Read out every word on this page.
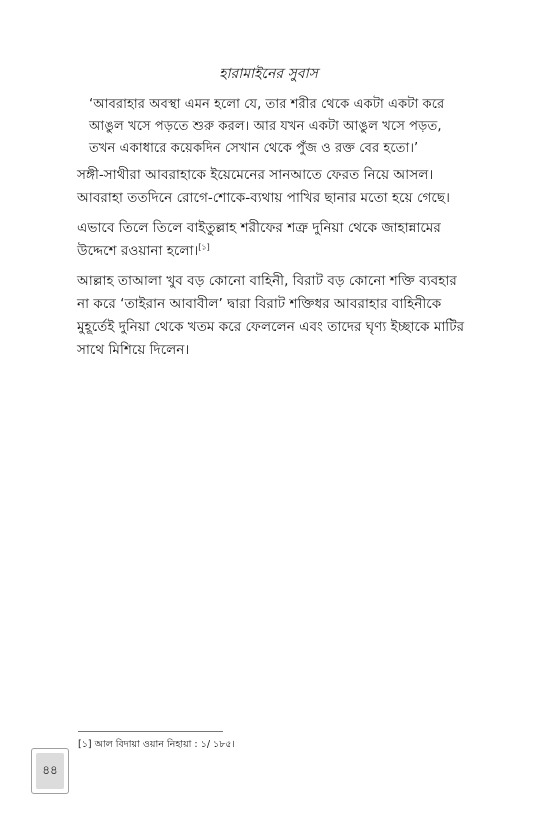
হারামাইনের সুবাস

‘আবরাহার অবস্থা এমন হলো যে, তার শরীর থেকে একটা একটা করে

আঙুল খসে পড়তে শুরু করল। আর যখন একটা আঙুল খসে পড়ত,

তখন একাধারে কয়েকদিন সেখান থেকে পুঁজ ও রক্ত বের হতো।’

সঙ্গী-সাথীরা আবরাহাকে ইয়েমেনের সানআতে ফেরত নিয়ে আসল। আবরাহা ততদিনে রোগে-শোকে-ব্যথায় পাখির ছানার মতো হয়ে গেছে।

এভাবে তিলে তিলে বাইতুল্লাহ শরীফের শত্রু দুনিয়া থেকে জাহান্নামের উদ্দেশে রওয়ানা হলো।[১]

আল্লাহ তাআলা খুব বড় কোনো বাহিনী, বিরাট বড় কোনো শক্তি ব্যবহার না করে ‘তাইরান আবাবীল’ দ্বারা বিরাট শক্তিধর আবরাহার বাহিনীকে মুহূর্তেই দুনিয়া থেকে খতম করে ফেললেন এবং তাদের ঘৃণ্য ইচ্ছাকে মাটির সাথে মিশিয়ে দিলেন।

[১] আল বিদায়া ওয়ান নিহায়া : ১/ ১৮৫।
৪৪
